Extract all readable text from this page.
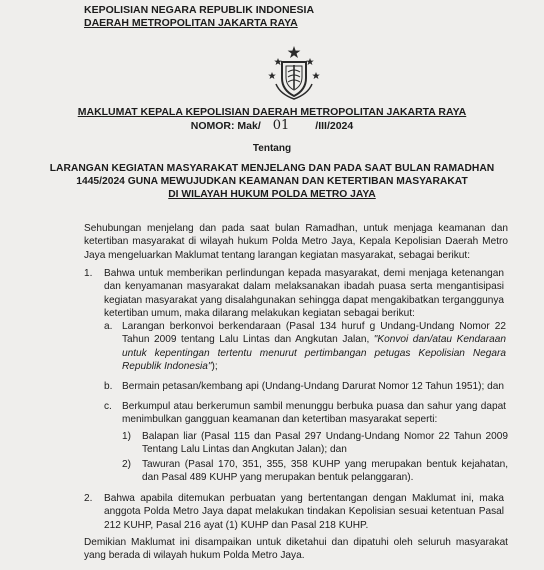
KEPOLISIAN NEGARA REPUBLIK INDONESIA
DAERAH METROPOLITAN JAKARTA RAYA
MAKLUMAT KEPALA KEPOLISIAN DAERAH METROPOLITAN JAKARTA RAYA
NOMOR: Mak/ 01 /III/2024
Tentang
LARANGAN KEGIATAN MASYARAKAT MENJELANG DAN PADA SAAT BULAN RAMADHAN
1445/2024 GUNA MEWUJUDKAN KEAMANAN DAN KETERTIBAN MASYARAKAT
DI WILAYAH HUKUM POLDA METRO JAYA
Sehubungan menjelang dan pada saat bulan Ramadhan, untuk menjaga keamanan dan ketertiban masyarakat di wilayah hukum Polda Metro Jaya, Kepala Kepolisian Daerah Metro Jaya mengeluarkan Maklumat tentang larangan kegiatan masyarakat, sebagai berikut:
1. Bahwa untuk memberikan perlindungan kepada masyarakat, demi menjaga ketenangan dan kenyamanan masyarakat dalam melaksanakan ibadah puasa serta mengantisipasi kegiatan masyarakat yang disalahgunakan sehingga dapat mengakibatkan terganggunya ketertiban umum, maka dilarang melakukan kegiatan sebagai berikut:
a. Larangan berkonvoi berkendaraan (Pasal 134 huruf g Undang-Undang Nomor 22 Tahun 2009 tentang Lalu Lintas dan Angkutan Jalan, "Konvoi dan/atau Kendaraan untuk kepentingan tertentu menurut pertimbangan petugas Kepolisian Negara Republik Indonesia");
b. Bermain petasan/kembang api (Undang-Undang Darurat Nomor 12 Tahun 1951); dan
c. Berkumpul atau berkerumun sambil menunggu berbuka puasa dan sahur yang dapat menimbulkan gangguan keamanan dan ketertiban masyarakat seperti:
1) Balapan liar (Pasal 115 dan Pasal 297 Undang-Undang Nomor 22 Tahun 2009 Tentang Lalu Lintas dan Angkutan Jalan); dan
2) Tawuran (Pasal 170, 351, 355, 358 KUHP yang merupakan bentuk kejahatan, dan Pasal 489 KUHP yang merupakan bentuk pelanggaran).
2. Bahwa apabila ditemukan perbuatan yang bertentangan dengan Maklumat ini, maka anggota Polda Metro Jaya dapat melakukan tindakan Kepolisian sesuai ketentuan Pasal 212 KUHP, Pasal 216 ayat (1) KUHP dan Pasal 218 KUHP.
Demikian Maklumat ini disampaikan untuk diketahui dan dipatuhi oleh seluruh masyarakat yang berada di wilayah hukum Polda Metro Jaya.
